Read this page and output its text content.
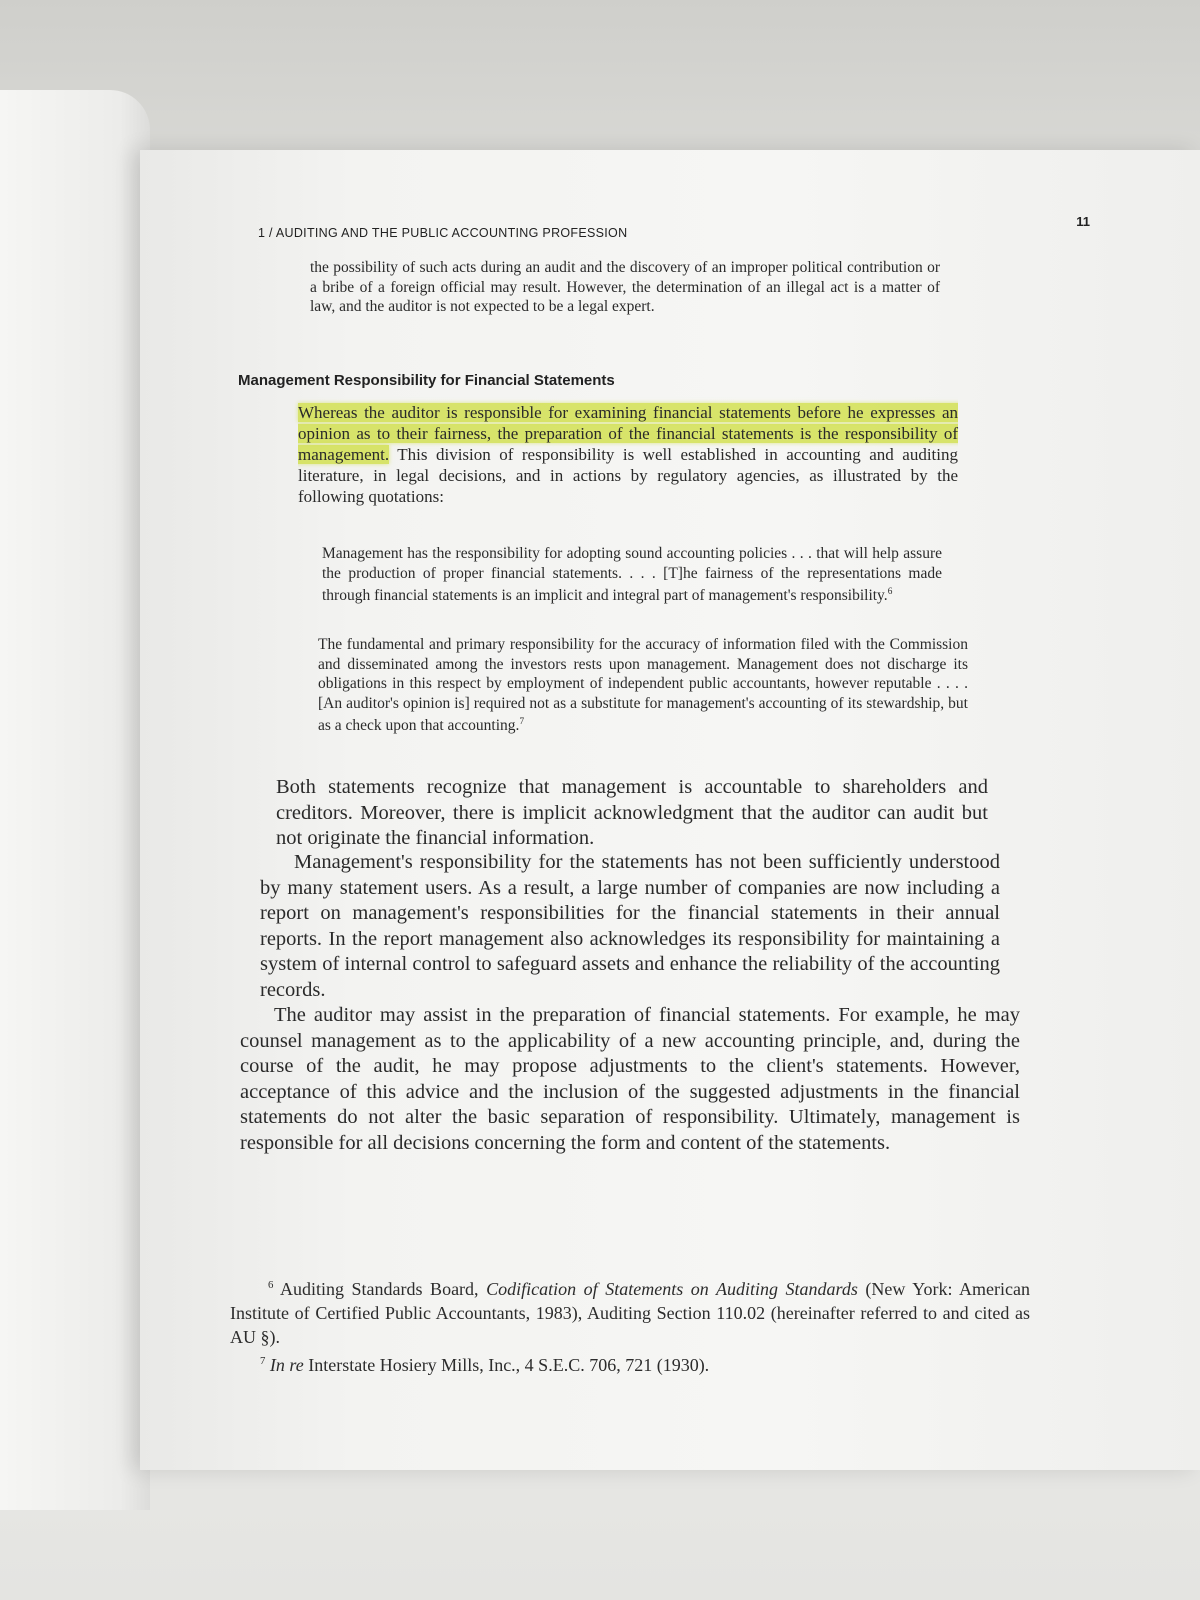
1 / AUDITING AND THE PUBLIC ACCOUNTING PROFESSION
11
the possibility of such acts during an audit and the discovery of an improper political contribution or a bribe of a foreign official may result. However, the determination of an illegal act is a matter of law, and the auditor is not expected to be a legal expert.
Management Responsibility for Financial Statements
Whereas the auditor is responsible for examining financial statements before he expresses an opinion as to their fairness, the preparation of the financial statements is the responsibility of management. This division of responsibility is well established in accounting and auditing literature, in legal decisions, and in actions by regulatory agencies, as illustrated by the following quotations:
Management has the responsibility for adopting sound accounting policies . . . that will help assure the production of proper financial statements. . . . [T]he fairness of the representations made through financial statements is an implicit and integral part of management's responsibility.$^6$
The fundamental and primary responsibility for the accuracy of information filed with the Commission and disseminated among the investors rests upon management. Management does not discharge its obligations in this respect by employment of independent public accountants, however reputable . . . . [An auditor's opinion is] required not as a substitute for management's accounting of its stewardship, but as a check upon that accounting.$^7$
Both statements recognize that management is accountable to shareholders and creditors. Moreover, there is implicit acknowledgment that the auditor can audit but not originate the financial information.
Management's responsibility for the statements has not been sufficiently understood by many statement users. As a result, a large number of companies are now including a report on management's responsibilities for the financial statements in their annual reports. In the report management also acknowledges its responsibility for maintaining a system of internal control to safeguard assets and enhance the reliability of the accounting records.
The auditor may assist in the preparation of financial statements. For example, he may counsel management as to the applicability of a new accounting principle, and, during the course of the audit, he may propose adjustments to the client's statements. However, acceptance of this advice and the inclusion of the suggested adjustments in the financial statements do not alter the basic separation of responsibility. Ultimately, management is responsible for all decisions concerning the form and content of the statements.
$^6$ Auditing Standards Board, Codification of Statements on Auditing Standards (New York: American Institute of Certified Public Accountants, 1983), Auditing Section 110.02 (hereinafter referred to and cited as AU §).
$^7$ In re Interstate Hosiery Mills, Inc., 4 S.E.C. 706, 721 (1930).
